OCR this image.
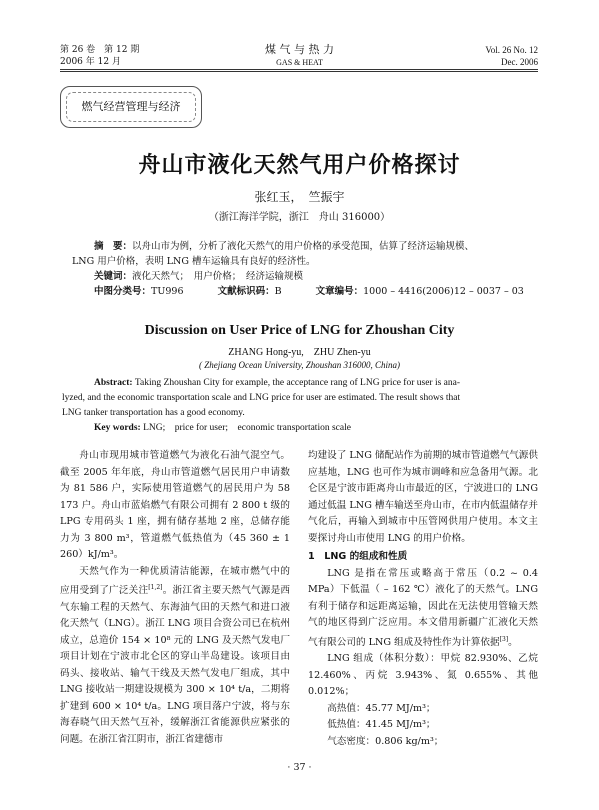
第 26 卷　第 12 期
2006 年 12 月
煤 气 与 热 力
GAS & HEAT
Vol. 26 No. 12
Dec. 2006
燃气经营管理与经济
舟山市液化天然气用户价格探讨
张红玉，　竺振宇
（浙江海洋学院，浙江　舟山 316000）

摘　要：以舟山市为例，分析了液化天然气的用户价格的承受范围，估算了经济运输规模、

LNG 用户价格，表明 LNG 槽车运输具有良好的经济性。

关键词：液化天然气；　用户价格；　经济运输规模

中图分类号：TU996	文献标识码：B	文章编号：1000 – 4416(2006)12 – 0037 – 03

Discussion on User Price of LNG for Zhoushan City
ZHANG Hong-yu,　ZHU Zhen-yu
( Zhejiang Ocean University, Zhoushan 316000, China)

Abstract: Taking Zhoushan City for example, the acceptance rang of LNG price for user is ana-

lyzed, and the economic transportation scale and LNG price for user are estimated. The result shows that

LNG tanker transportation has a good economy.

Key words: LNG;　price for user;　economic transportation scale

舟山市现用城市管道燃气为液化石油气混空气。截至 2005 年年底，舟山市管道燃气居民用户申请数为 81 586 户，实际使用管道燃气的居民用户为 58 173 户。舟山市蓝焰燃气有限公司拥有 2 800 t 级的 LPG 专用码头 1 座，拥有储存基地 2 座，总储存能力为 3 800 m³，管道燃气低热值为（45 360 ± 1 260）kJ/m³。

天然气作为一种优质清洁能源，在城市燃气中的应用受到了广泛关注[1,2]。浙江省主要天然气气源是西气东输工程的天然气、东海油气田的天然气和进口液化天然气（LNG）。浙江 LNG 项目合资公司已在杭州成立，总造价 154 × 10⁸ 元的 LNG 及天然气发电厂项目计划在宁波市北仑区的穿山半岛建设。该项目由码头、接收站、输气干线及天然气发电厂组成，其中 LNG 接收站一期建设规模为 300 × 10⁴ t/a，二期将扩建到 600 × 10⁴ t/a。LNG 项目落户宁波，将与东海春晓气田天然气互补，缓解浙江省能源供应紧张的问题。在浙江省江阴市，浙江省建德市

均建设了 LNG 储配站作为前期的城市管道燃气气源供应基地，LNG 也可作为城市调峰和应急备用气源。北仑区是宁波市距离舟山市最近的区，宁波进口的 LNG 通过低温 LNG 槽车输送至舟山市，在市内低温储存并气化后，再输入到城市中压管网供用户使用。本文主要探讨舟山市使用 LNG 的用户价格。

1　LNG 的组成和性质

LNG 是指在常压或略高于常压（0.2 ~ 0.4 MPa）下低温（ – 162 ℃）液化了的天然气。LNG 有利于储存和远距离运输，因此在无法使用管输天然气的地区得到广泛应用。本文借用新疆广汇液化天然气有限公司的 LNG 组成及特性作为计算依据[3]。

LNG 组成（体积分数）：甲烷 82.930%、乙烷 12.460%、丙烷 3.943%、氮 0.655%、其他 0.012%；

高热值：45.77 MJ/m³；

低热值：41.45 MJ/m³；

气态密度：0.806 kg/m³；

· 37 ·
